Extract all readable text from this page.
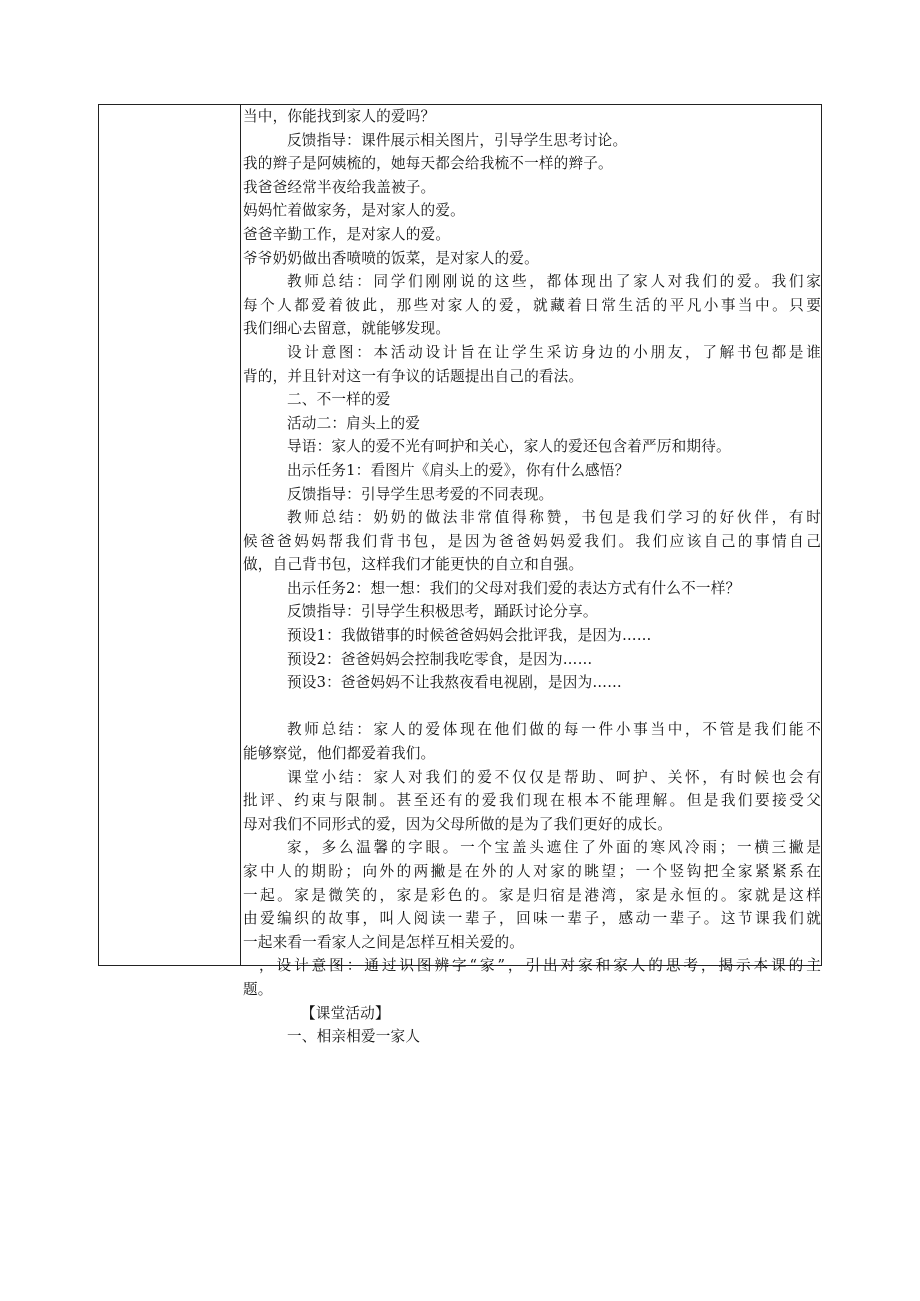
当中，你能找到家人的爱吗？
反馈指导：课件展示相关图片，引导学生思考讨论。
我的辫子是阿姨梳的，她每天都会给我梳不一样的辫子。
我爸爸经常半夜给我盖被子。
妈妈忙着做家务，是对家人的爱。
爸爸辛勤工作，是对家人的爱。
爷爷奶奶做出香喷喷的饭菜，是对家人的爱。
教师总结：同学们刚刚说的这些，都体现出了家人对我们的爱。我们家
每个人都爱着彼此，那些对家人的爱，就藏着日常生活的平凡小事当中。只要
我们细心去留意，就能够发现。
设计意图：本活动设计旨在让学生采访身边的小朋友，了解书包都是谁
背的，并且针对这一有争议的话题提出自己的看法。
二、不一样的爱
活动二：肩头上的爱
导语：家人的爱不光有呵护和关心，家人的爱还包含着严厉和期待。
出示任务1：看图片《肩头上的爱》，你有什么感悟？
反馈指导：引导学生思考爱的不同表现。
教师总结：奶奶的做法非常值得称赞，书包是我们学习的好伙伴，有时
候爸爸妈妈帮我们背书包，是因为爸爸妈妈爱我们。我们应该自己的事情自己
做，自己背书包，这样我们才能更快的自立和自强。
出示任务2：想一想：我们的父母对我们爱的表达方式有什么不一样？
反馈指导：引导学生积极思考，踊跃讨论分享。
预设1：我做错事的时候爸爸妈妈会批评我，是因为……
预设2：爸爸妈妈会控制我吃零食，是因为……
预设3：爸爸妈妈不让我熬夜看电视剧，是因为……
教师总结：家人的爱体现在他们做的每一件小事当中，不管是我们能不
能够察觉，他们都爱着我们。
课堂小结：家人对我们的爱不仅仅是帮助、呵护、关怀，有时候也会有
批评、约束与限制。甚至还有的爱我们现在根本不能理解。但是我们要接受父
母对我们不同形式的爱，因为父母所做的是为了我们更好的成长。
家，多么温馨的字眼。一个宝盖头遮住了外面的寒风冷雨；一横三撇是
家中人的期盼；向外的两撇是在外的人对家的眺望；一个竖钩把全家紧紧系在
一起。家是微笑的，家是彩色的。家是归宿是港湾，家是永恒的。家就是这样
由爱编织的故事，叫人阅读一辈子，回味一辈子，感动一辈子。这节课我们就
一起来看一看家人之间是怎样互相关爱的。
，设计意图：通过识图辨字“家”，引出对家和家人的思考，揭示本课的主
题。
【课堂活动】
一、相亲相爱一家人
